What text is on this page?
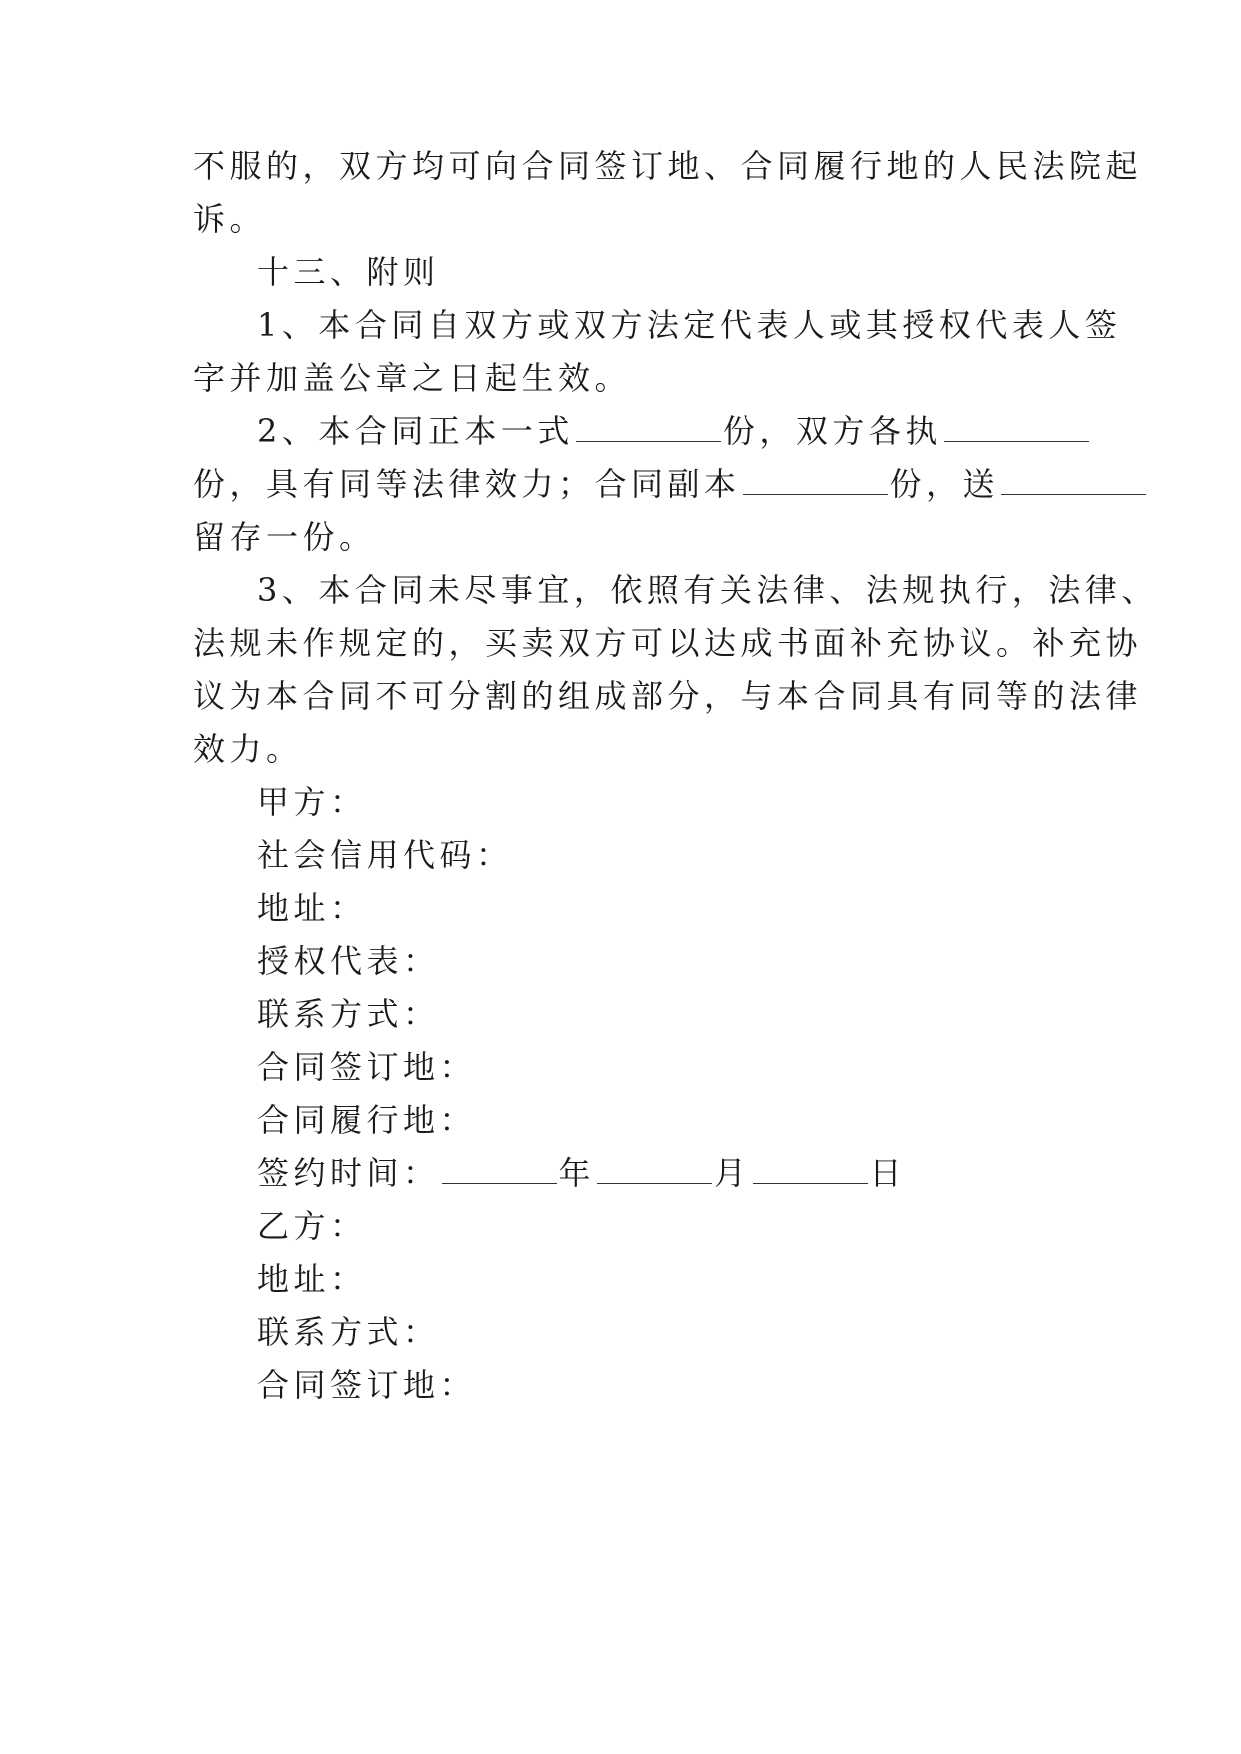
不服的，双方均可向合同签订地、合同履行地的人民法院起
诉。
十三、附则
1、本合同自双方或双方法定代表人或其授权代表人签
字并加盖公章之日起生效。
2、本合同正本一式	份，双方各执
份，具有同等法律效力；合同副本	份，送
留存一份。
3、本合同未尽事宜，依照有关法律、法规执行，法律、
法规未作规定的，买卖双方可以达成书面补充协议。补充协
议为本合同不可分割的组成部分，与本合同具有同等的法律
效力。
甲方：
社会信用代码：
地址：
授权代表：
联系方式：
合同签订地：
合同履行地：
签约时间：	年	月	日
乙方：
地址：
联系方式：
合同签订地：
